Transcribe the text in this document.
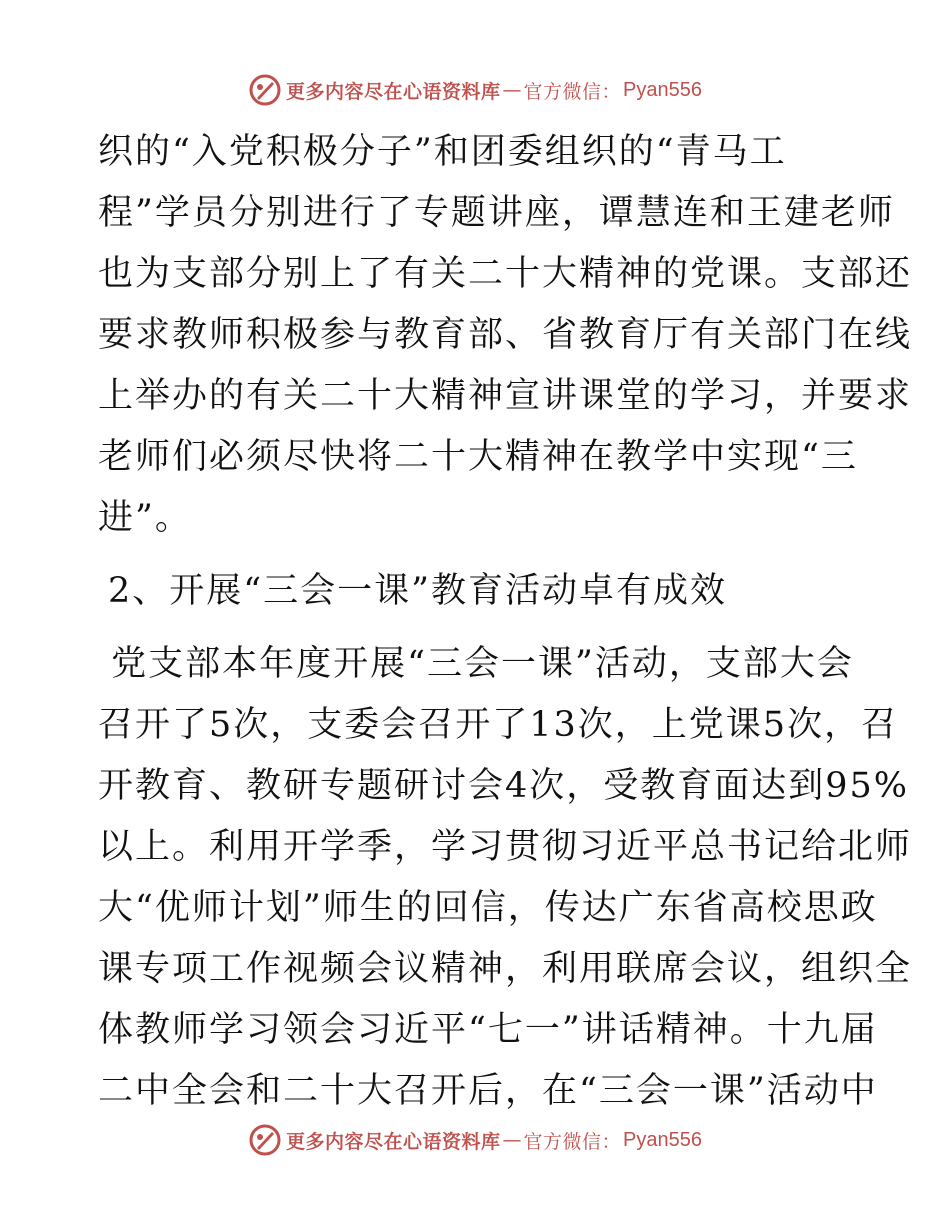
更多内容尽在心语资料库 — 官方微信： Pyan556
织的“入党积极分子”和团委组织的“青马工
程”学员分别进行了专题讲座，谭慧连和王建老师
也为支部分别上了有关二十大精神的党课。支部还
要求教师积极参与教育部、省教育厅有关部门在线
上举办的有关二十大精神宣讲课堂的学习，并要求
老师们必须尽快将二十大精神在教学中实现“三
进”。
2、开展“三会一课”教育活动卓有成效
党支部本年度开展“三会一课”活动，支部大会
召开了5次，支委会召开了13次，上党课5次，召
开教育、教研专题研讨会4次，受教育面达到95%
以上。利用开学季，学习贯彻习近平总书记给北师
大“优师计划”师生的回信，传达广东省高校思政
课专项工作视频会议精神，利用联席会议，组织全
体教师学习领会习近平“七一”讲话精神。十九届
二中全会和二十大召开后，在“三会一课”活动中
更多内容尽在心语资料库 — 官方微信： Pyan556
